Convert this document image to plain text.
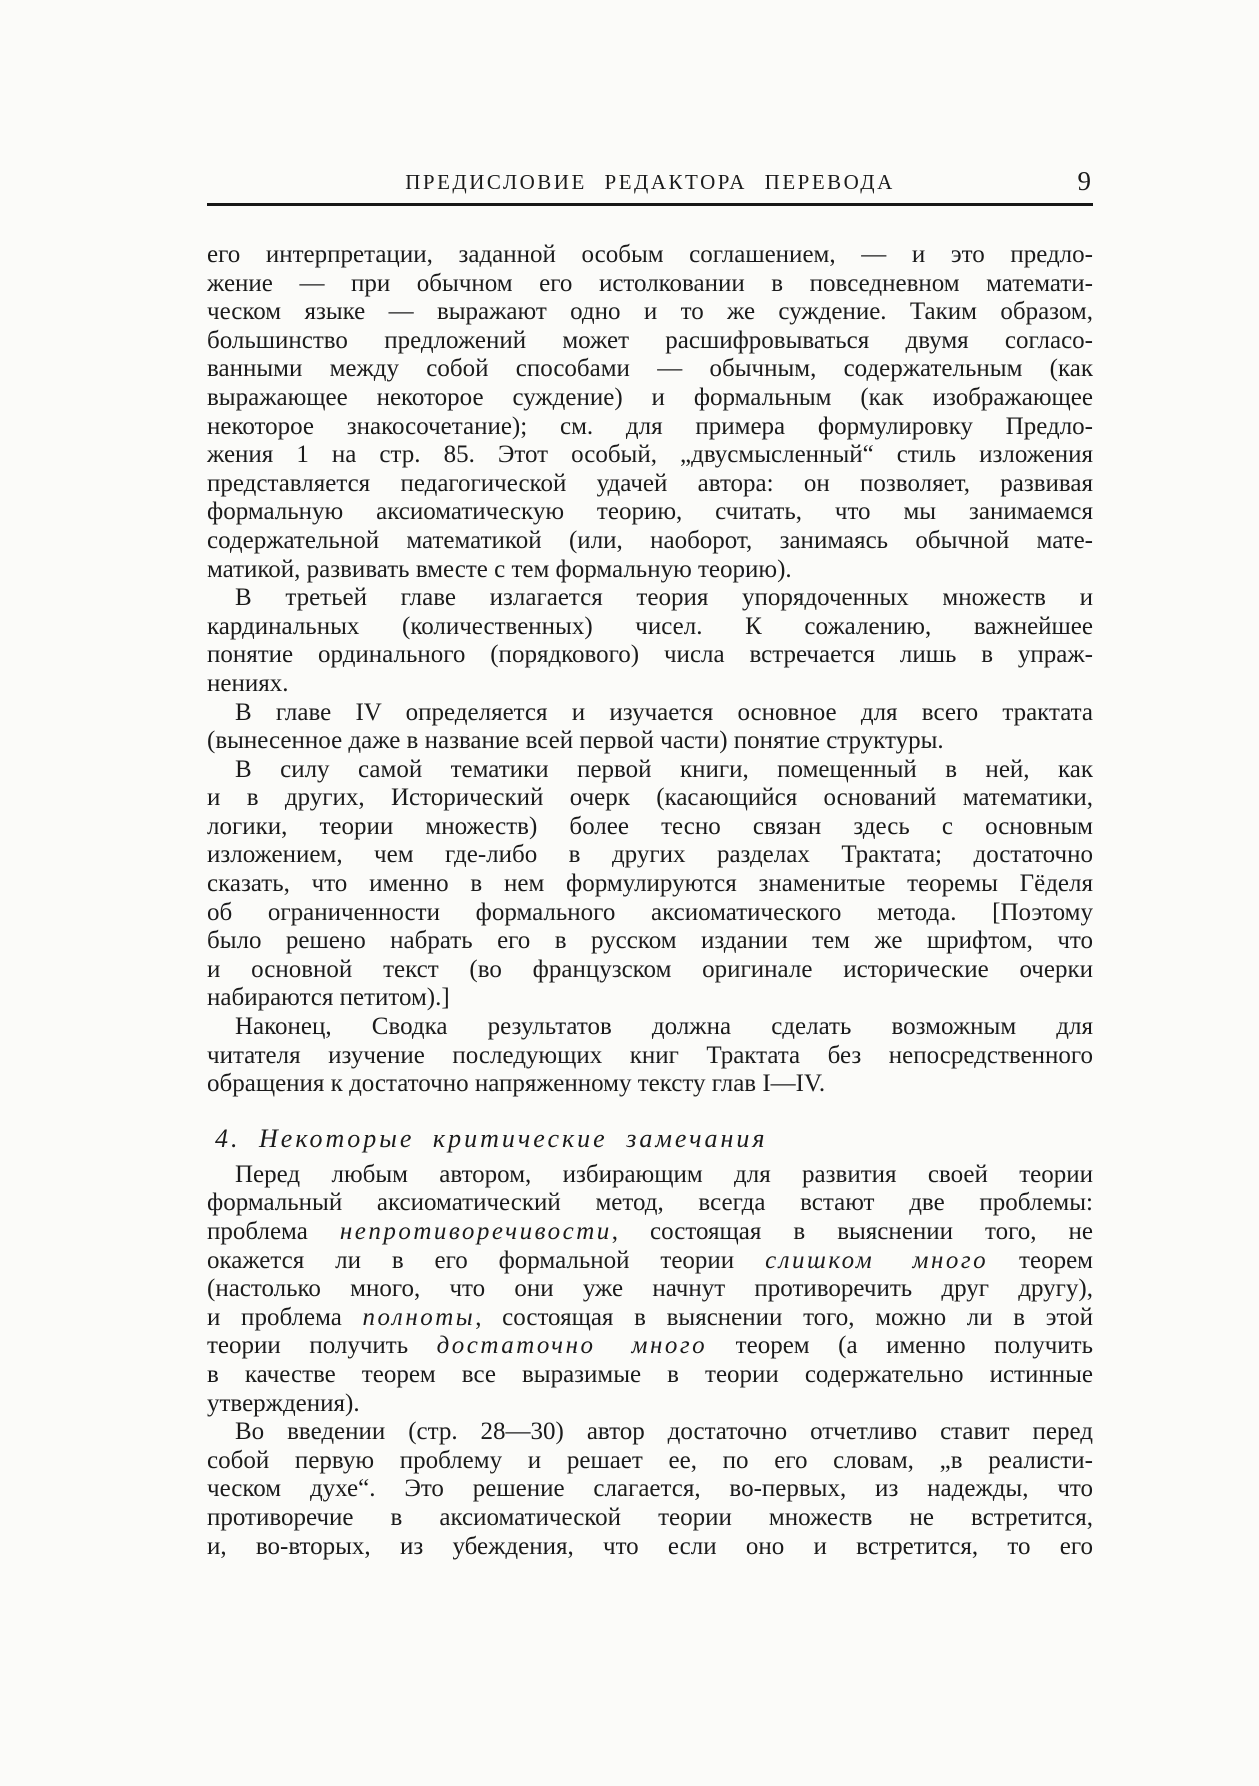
ПРЕДИСЛОВИЕ РЕДАКТОРА ПЕРЕВОДА	9
его интерпретации, заданной особым соглашением, — и это предло-
жение — при обычном его истолковании в повседневном математи-
ческом языке — выражают одно и то же суждение. Таким образом,
большинство предложений может расшифровываться двумя согласо-
ванными между собой способами — обычным, содержательным (как
выражающее некоторое суждение) и формальным (как изображающее
некоторое знакосочетание); см. для примера формулировку Предло-
жения 1 на стр. 85. Этот особый, „двусмысленный“ стиль изложения
представляется педагогической удачей автора: он позволяет, развивая
формальную аксиоматическую теорию, считать, что мы занимаемся
содержательной математикой (или, наоборот, занимаясь обычной мате-
матикой, развивать вместе с тем формальную теорию).
В третьей главе излагается теория упорядоченных множеств и
кардинальных (количественных) чисел. К сожалению, важнейшее
понятие ординального (порядкового) числа встречается лишь в упраж-
нениях.
В главе IV определяется и изучается основное для всего трактата
(вынесенное даже в название всей первой части) понятие структуры.
В силу самой тематики первой книги, помещенный в ней, как
и в других, Исторический очерк (касающийся оснований математики,
логики, теории множеств) более тесно связан здесь с основным
изложением, чем где-либо в других разделах Трактата; достаточно
сказать, что именно в нем формулируются знаменитые теоремы Гёделя
об ограниченности формального аксиоматического метода. [Поэтому
было решено набрать его в русском издании тем же шрифтом, что
и основной текст (во французском оригинале исторические очерки
набираются петитом).]
Наконец, Сводка результатов должна сделать возможным для
читателя изучение последующих книг Трактата без непосредственного
обращения к достаточно напряженному тексту глав I—IV.
4. Некоторые критические замечания
Перед любым автором, избирающим для развития своей теории
формальный аксиоматический метод, всегда встают две проблемы:
проблема непротиворечивости, состоящая в выяснении того, не
окажется ли в его формальной теории слишком много теорем
(настолько много, что они уже начнут противоречить друг другу),
и проблема полноты, состоящая в выяснении того, можно ли в этой
теории получить достаточно много теорем (а именно получить
в качестве теорем все выразимые в теории содержательно истинные
утверждения).
Во введении (стр. 28—30) автор достаточно отчетливо ставит перед
собой первую проблему и решает ее, по его словам, „в реалисти-
ческом духе“. Это решение слагается, во-первых, из надежды, что
противоречие в аксиоматической теории множеств не встретится,
и, во-вторых, из убеждения, что если оно и встретится, то его
